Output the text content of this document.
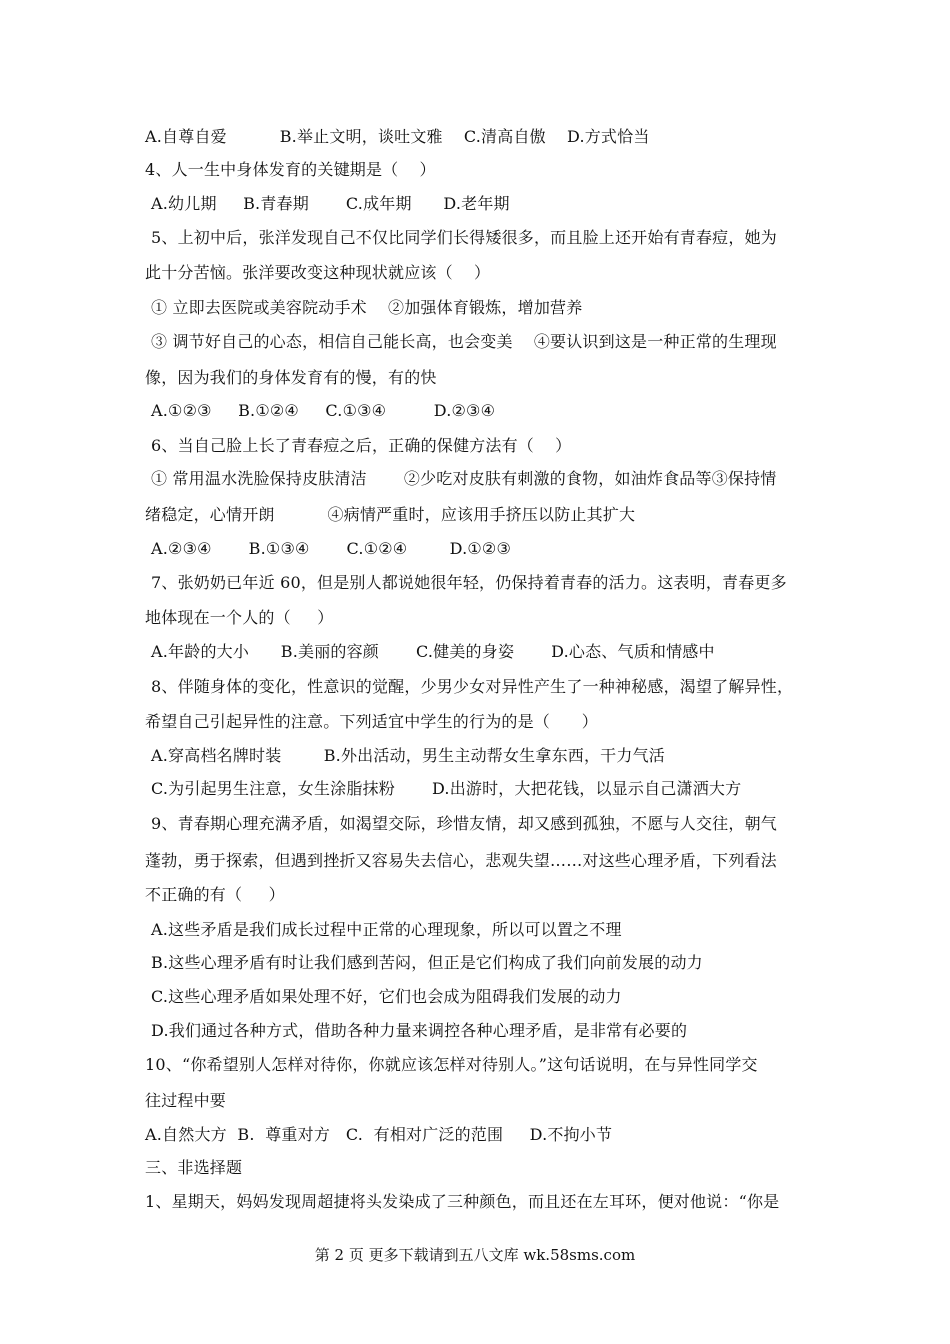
A.自尊自爱          B.举止文明，谈吐文雅    C.清高自傲    D.方式恰当
4、人一生中身体发育的关键期是（    ）
A.幼儿期     B.青春期       C.成年期      D.老年期
5、上初中后，张洋发现自己不仅比同学们长得矮很多，而且脸上还开始有青春痘，她为
此十分苦恼。张洋要改变这种现状就应该（    ）
① 立即去医院或美容院动手术    ②加强体育锻炼，增加营养
③ 调节好自己的心态，相信自己能长高，也会变美    ④要认识到这是一种正常的生理现
像，因为我们的身体发育有的慢，有的快
A.①②③     B.①②④     C.①③④         D.②③④
6、当自己脸上长了青春痘之后，正确的保健方法有（    ）
① 常用温水洗脸保持皮肤清洁       ②少吃对皮肤有刺激的食物，如油炸食品等③保持情
绪稳定，心情开朗          ④病情严重时，应该用手挤压以防止其扩大
A.②③④       B.①③④       C.①②④        D.①②③
7、张奶奶已年近 60，但是别人都说她很年轻，仍保持着青春的活力。这表明，青春更多
地体现在一个人的（     ）
A.年龄的大小      B.美丽的容颜       C.健美的身姿       D.心态、气质和情感中
8、伴随身体的变化，性意识的觉醒，少男少女对异性产生了一种神秘感，渴望了解异性，
希望自己引起异性的注意。下列适宜中学生的行为的是（      ）
A.穿高档名牌时装        B.外出活动，男生主动帮女生拿东西，干力气活
C.为引起男生注意，女生涂脂抹粉       D.出游时，大把花钱，以显示自己潇洒大方
9、青春期心理充满矛盾，如渴望交际，珍惜友情，却又感到孤独，不愿与人交往，朝气
蓬勃，勇于探索，但遇到挫折又容易失去信心，悲观失望……对这些心理矛盾，下列看法
不正确的有（     ）
A.这些矛盾是我们成长过程中正常的心理现象，所以可以置之不理
B.这些心理矛盾有时让我们感到苦闷，但正是它们构成了我们向前发展的动力
C.这些心理矛盾如果处理不好，它们也会成为阻碍我们发展的动力
D.我们通过各种方式，借助各种力量来调控各种心理矛盾，是非常有必要的
10、“你希望别人怎样对待你，你就应该怎样对待别人。”这句话说明，在与异性同学交
往过程中要
A.自然大方  B.  尊重对方   C.  有相对广泛的范围     D.不拘小节
三、非选择题
1、星期天，妈妈发现周超捷将头发染成了三种颜色，而且还在左耳环，便对他说：“你是
第 2 页 更多下载请到五八文库 wk.58sms.com
